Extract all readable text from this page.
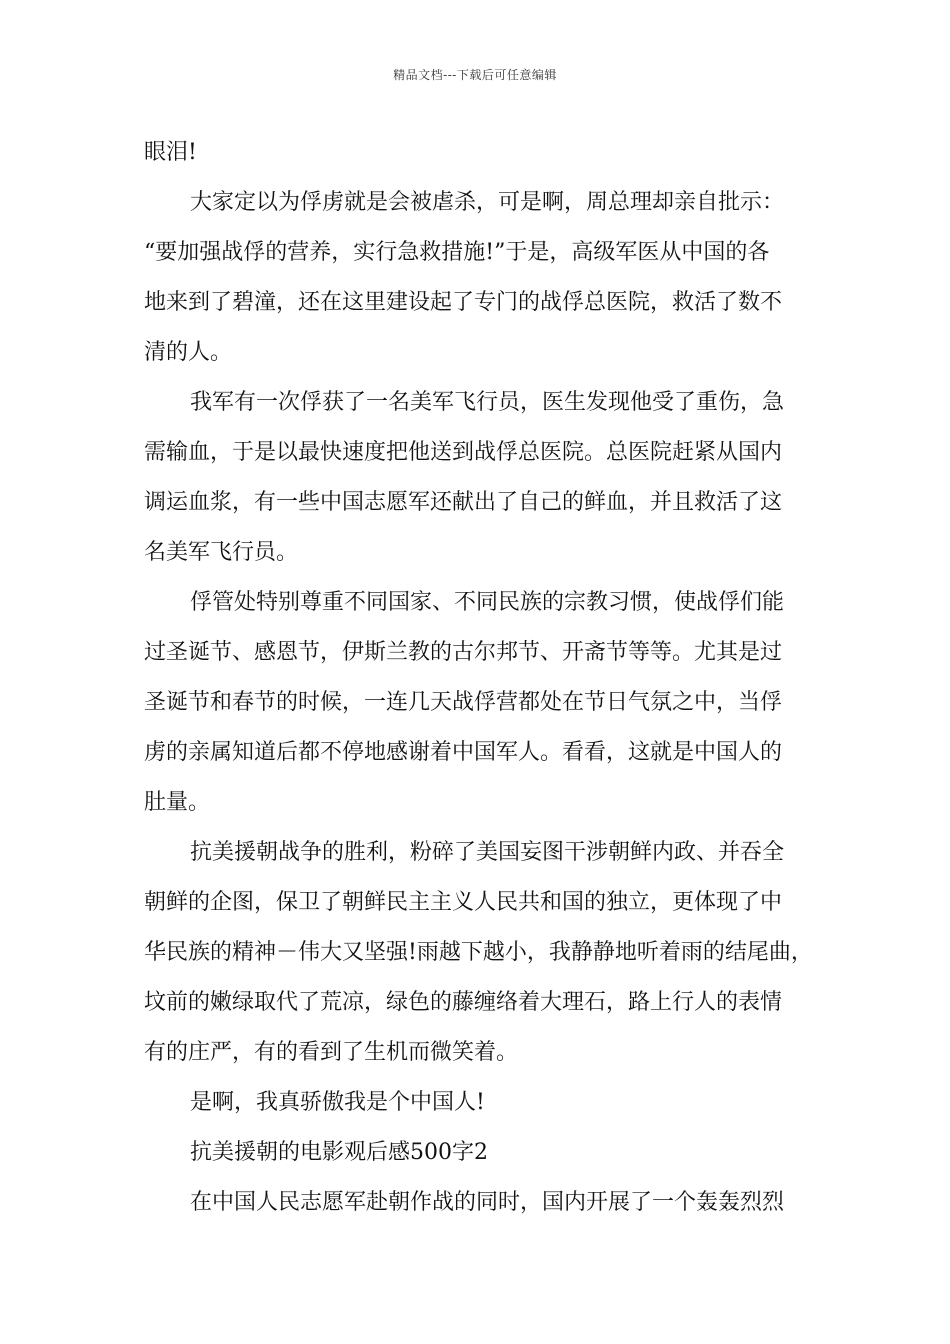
精品文档---下载后可任意编辑
眼泪!
大家定以为俘虏就是会被虐杀，可是啊，周总理却亲自批示：
“要加强战俘的营养，实行急救措施!”于是，高级军医从中国的各
地来到了碧潼，还在这里建设起了专门的战俘总医院，救活了数不
清的人。
我军有一次俘获了一名美军飞行员，医生发现他受了重伤，急
需输血，于是以最快速度把他送到战俘总医院。总医院赶紧从国内
调运血浆，有一些中国志愿军还献出了自己的鲜血，并且救活了这
名美军飞行员。
俘管处特别尊重不同国家、不同民族的宗教习惯，使战俘们能
过圣诞节、感恩节，伊斯兰教的古尔邦节、开斋节等等。尤其是过
圣诞节和春节的时候，一连几天战俘营都处在节日气氛之中，当俘
虏的亲属知道后都不停地感谢着中国军人。看看，这就是中国人的
肚量。
抗美援朝战争的胜利，粉碎了美国妄图干涉朝鲜内政、并吞全
朝鲜的企图，保卫了朝鲜民主主义人民共和国的独立，更体现了中
华民族的精神－伟大又坚强!雨越下越小，我静静地听着雨的结尾曲，
坟前的嫩绿取代了荒凉，绿色的藤缠络着大理石，路上行人的表情
有的庄严，有的看到了生机而微笑着。
是啊，我真骄傲我是个中国人!
抗美援朝的电影观后感500字2
在中国人民志愿军赴朝作战的同时，国内开展了一个轰轰烈烈
